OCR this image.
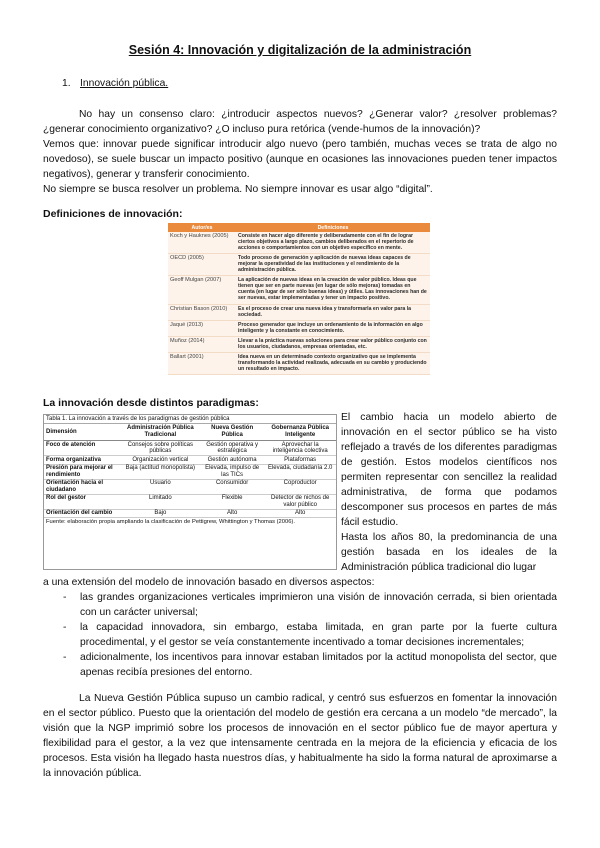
Sesión 4: Innovación y digitalización de la administración
1. Innovación pública.
No hay un consenso claro: ¿introducir aspectos nuevos? ¿Generar valor? ¿resolver problemas? ¿generar conocimiento organizativo? ¿O incluso pura retórica (vende-humos de la innovación)?
Vemos que: innovar puede significar introducir algo nuevo (pero también, muchas veces se trata de algo no novedoso), se suele buscar un impacto positivo (aunque en ocasiones las innovaciones pueden tener impactos negativos), generar y transferir conocimiento.
No siempre se busca resolver un problema. No siempre innovar es usar algo “digital”.
Definiciones de innovación:
Autor/es	Definiciones
Koch y Hauknes (2005)	Consiste en hacer algo diferente y deliberadamente con el fin de lograr ciertos objetivos a largo plazo, cambios deliberados en el repertorio de acciones o comportamientos con un objetivo específico en mente.
OECD (2005)	Todo proceso de generación y aplicación de nuevas ideas capaces de mejorar la operatividad de las instituciones y el rendimiento de la administración pública.
Geoff Mulgan (2007)	La aplicación de nuevas ideas en la creación de valor público. Ideas que tienen que ser en parte nuevas (en lugar de sólo mejoras) tomadas en cuenta (en lugar de ser sólo buenas ideas) y útiles. Las innovaciones han de ser nuevas, estar implementadas y tener un impacto positivo.
Christian Bason (2010)	Es el proceso de crear una nueva idea y transformarla en valor para la sociedad.
Jaqué (2013)	Proceso generador que incluye un ordenamiento de la información en algo inteligente y la constante en conocimiento.
Muñoz (2014)	Llevar a la práctica nuevas soluciones para crear valor público conjunto con los usuarios, ciudadanos, empresas orientadas, etc.
Ballart (2001)	Idea nueva en un determinado contexto organizativo que se implementa transformando la actividad realizada, adecuada en su cambio y produciendo un resultado en impacto.
La innovación desde distintos paradigmas:
Tabla 1. La innovación a través de los paradigmas de gestión pública
Dimensión	Administración Pública Tradicional	Nueva Gestión Pública	Gobernanza Pública Inteligente
Foco de atención	Consejos sobre políticas públicas	Gestión operativa y estratégica	Aprovechar la inteligencia colectiva
Forma organizativa	Organización vertical	Gestión autónoma	Plataformas
Presión para mejorar el rendimiento	Baja (actitud monopolista)	Elevada, impulso de las TICs	Elevada, ciudadanía 2.0
Orientación hacia el ciudadano	Usuario	Consumidor	Coproductor
Rol del gestor	Limitado	Flexible	Detector de nichos de valor público
Orientación del cambio	Bajo	Alto	Alto
Fuente: elaboración propia ampliando la clasificación de Pettigrew, Whittington y Thomas (2006).
El cambio hacia un modelo abierto de innovación en el sector público se ha visto reflejado a través de los diferentes paradigmas de gestión. Estos modelos científicos nos permiten representar con sencillez la realidad administrativa, de forma que podamos descomponer sus procesos en partes de más fácil estudio.
Hasta los años 80, la predominancia de una gestión basada en los ideales de la Administración pública tradicional dio lugar
a una extensión del modelo de innovación basado en diversos aspectos:
- las grandes organizaciones verticales imprimieron una visión de innovación cerrada, si bien orientada con un carácter universal;
- la capacidad innovadora, sin embargo, estaba limitada, en gran parte por la fuerte cultura procedimental, y el gestor se veía constantemente incentivado a tomar decisiones incrementales;
- adicionalmente, los incentivos para innovar estaban limitados por la actitud monopolista del sector, que apenas recibía presiones del entorno.
La Nueva Gestión Pública supuso un cambio radical, y centró sus esfuerzos en fomentar la innovación en el sector público. Puesto que la orientación del modelo de gestión era cercana a un modelo “de mercado”, la visión que la NGP imprimió sobre los procesos de innovación en el sector público fue de mayor apertura y flexibilidad para el gestor, a la vez que intensamente centrada en la mejora de la eficiencia y eficacia de los procesos. Esta visión ha llegado hasta nuestros días, y habitualmente ha sido la forma natural de aproximarse a la innovación pública.
